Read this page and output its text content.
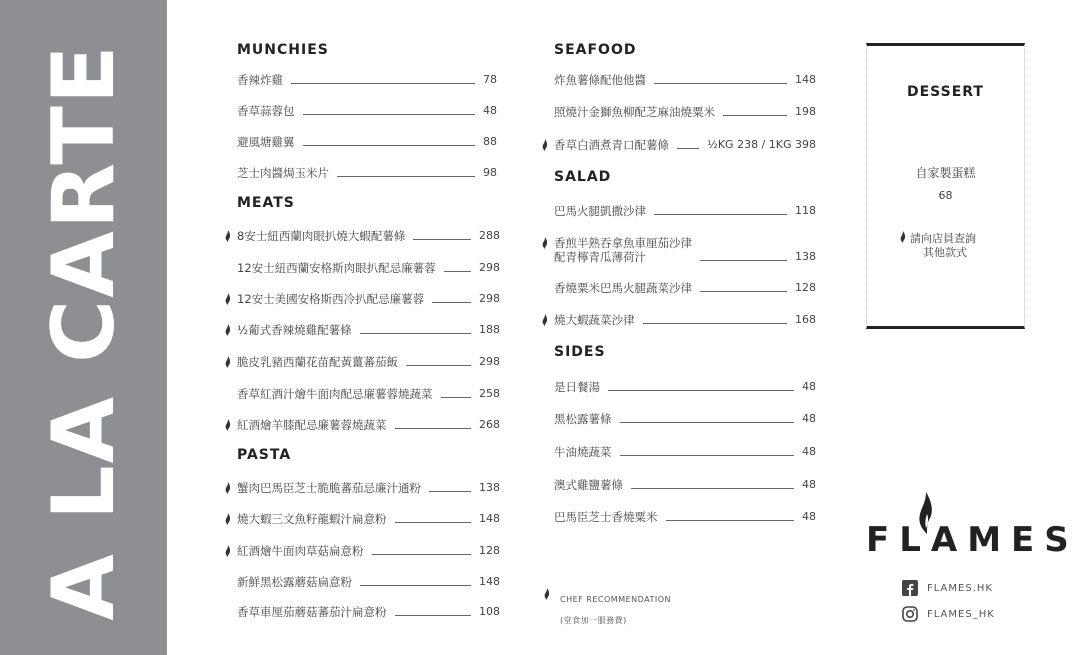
A LA CARTE	MUNCHIES
MEATS
PASTA
SEAFOOD
SALAD
SIDES
香辣炸雞	78
香草蒜蓉包	48
避風塘雞翼	88
芝士肉醬焗玉米片	98
8安士紐西蘭肉眼扒燒大蝦配薯條	288
12安士紐西蘭安格斯肉眼扒配忌廉薯蓉	298
12安士美國安格斯西冷扒配忌廉薯蓉	298
½葡式香辣燒雞配薯條	188
脆皮乳豬西蘭花苗配黃薑蕃茄飯	298
香草紅酒汁燴牛面肉配忌廉薯蓉燒蔬菜	258
紅酒燴羊膝配忌廉薯蓉燒蔬菜	268
蟹肉巴馬臣芝士脆脆蕃茄忌廉汁通粉	138
燒大蝦三文魚籽龍蝦汁扁意粉	148
紅酒燴牛面肉草菇扁意粉	128
新鮮黑松露蘑菇扁意粉	148
香草車厘茄蘑菇蕃茄汁扁意粉	108
炸魚薯條配他他醬	148
照燒汁金獅魚柳配芝麻油燒粟米	198
香草白酒煮青口配薯條	½KG 238 / 1KG 398
巴馬火腿凱撒沙律	118
香煎半熟吞拿魚車厘茄沙律
配青檸青瓜薄荷汁	138
香燒粟米巴馬火腿蔬菜沙律	128
燒大蝦蔬菜沙律	168
是日餐湯	48
黑松露薯條	48
牛油燒蔬菜	48
澳式雞鹽薯條	48
巴馬臣芝士香燒粟米	48
DESSERT
自家製蛋糕
68
請向店員查詢
其他款式
CHEF RECOMMENDATION
(堂食加一服務費)
FLAMES
FLAMES.HK
FLAMES_HK
